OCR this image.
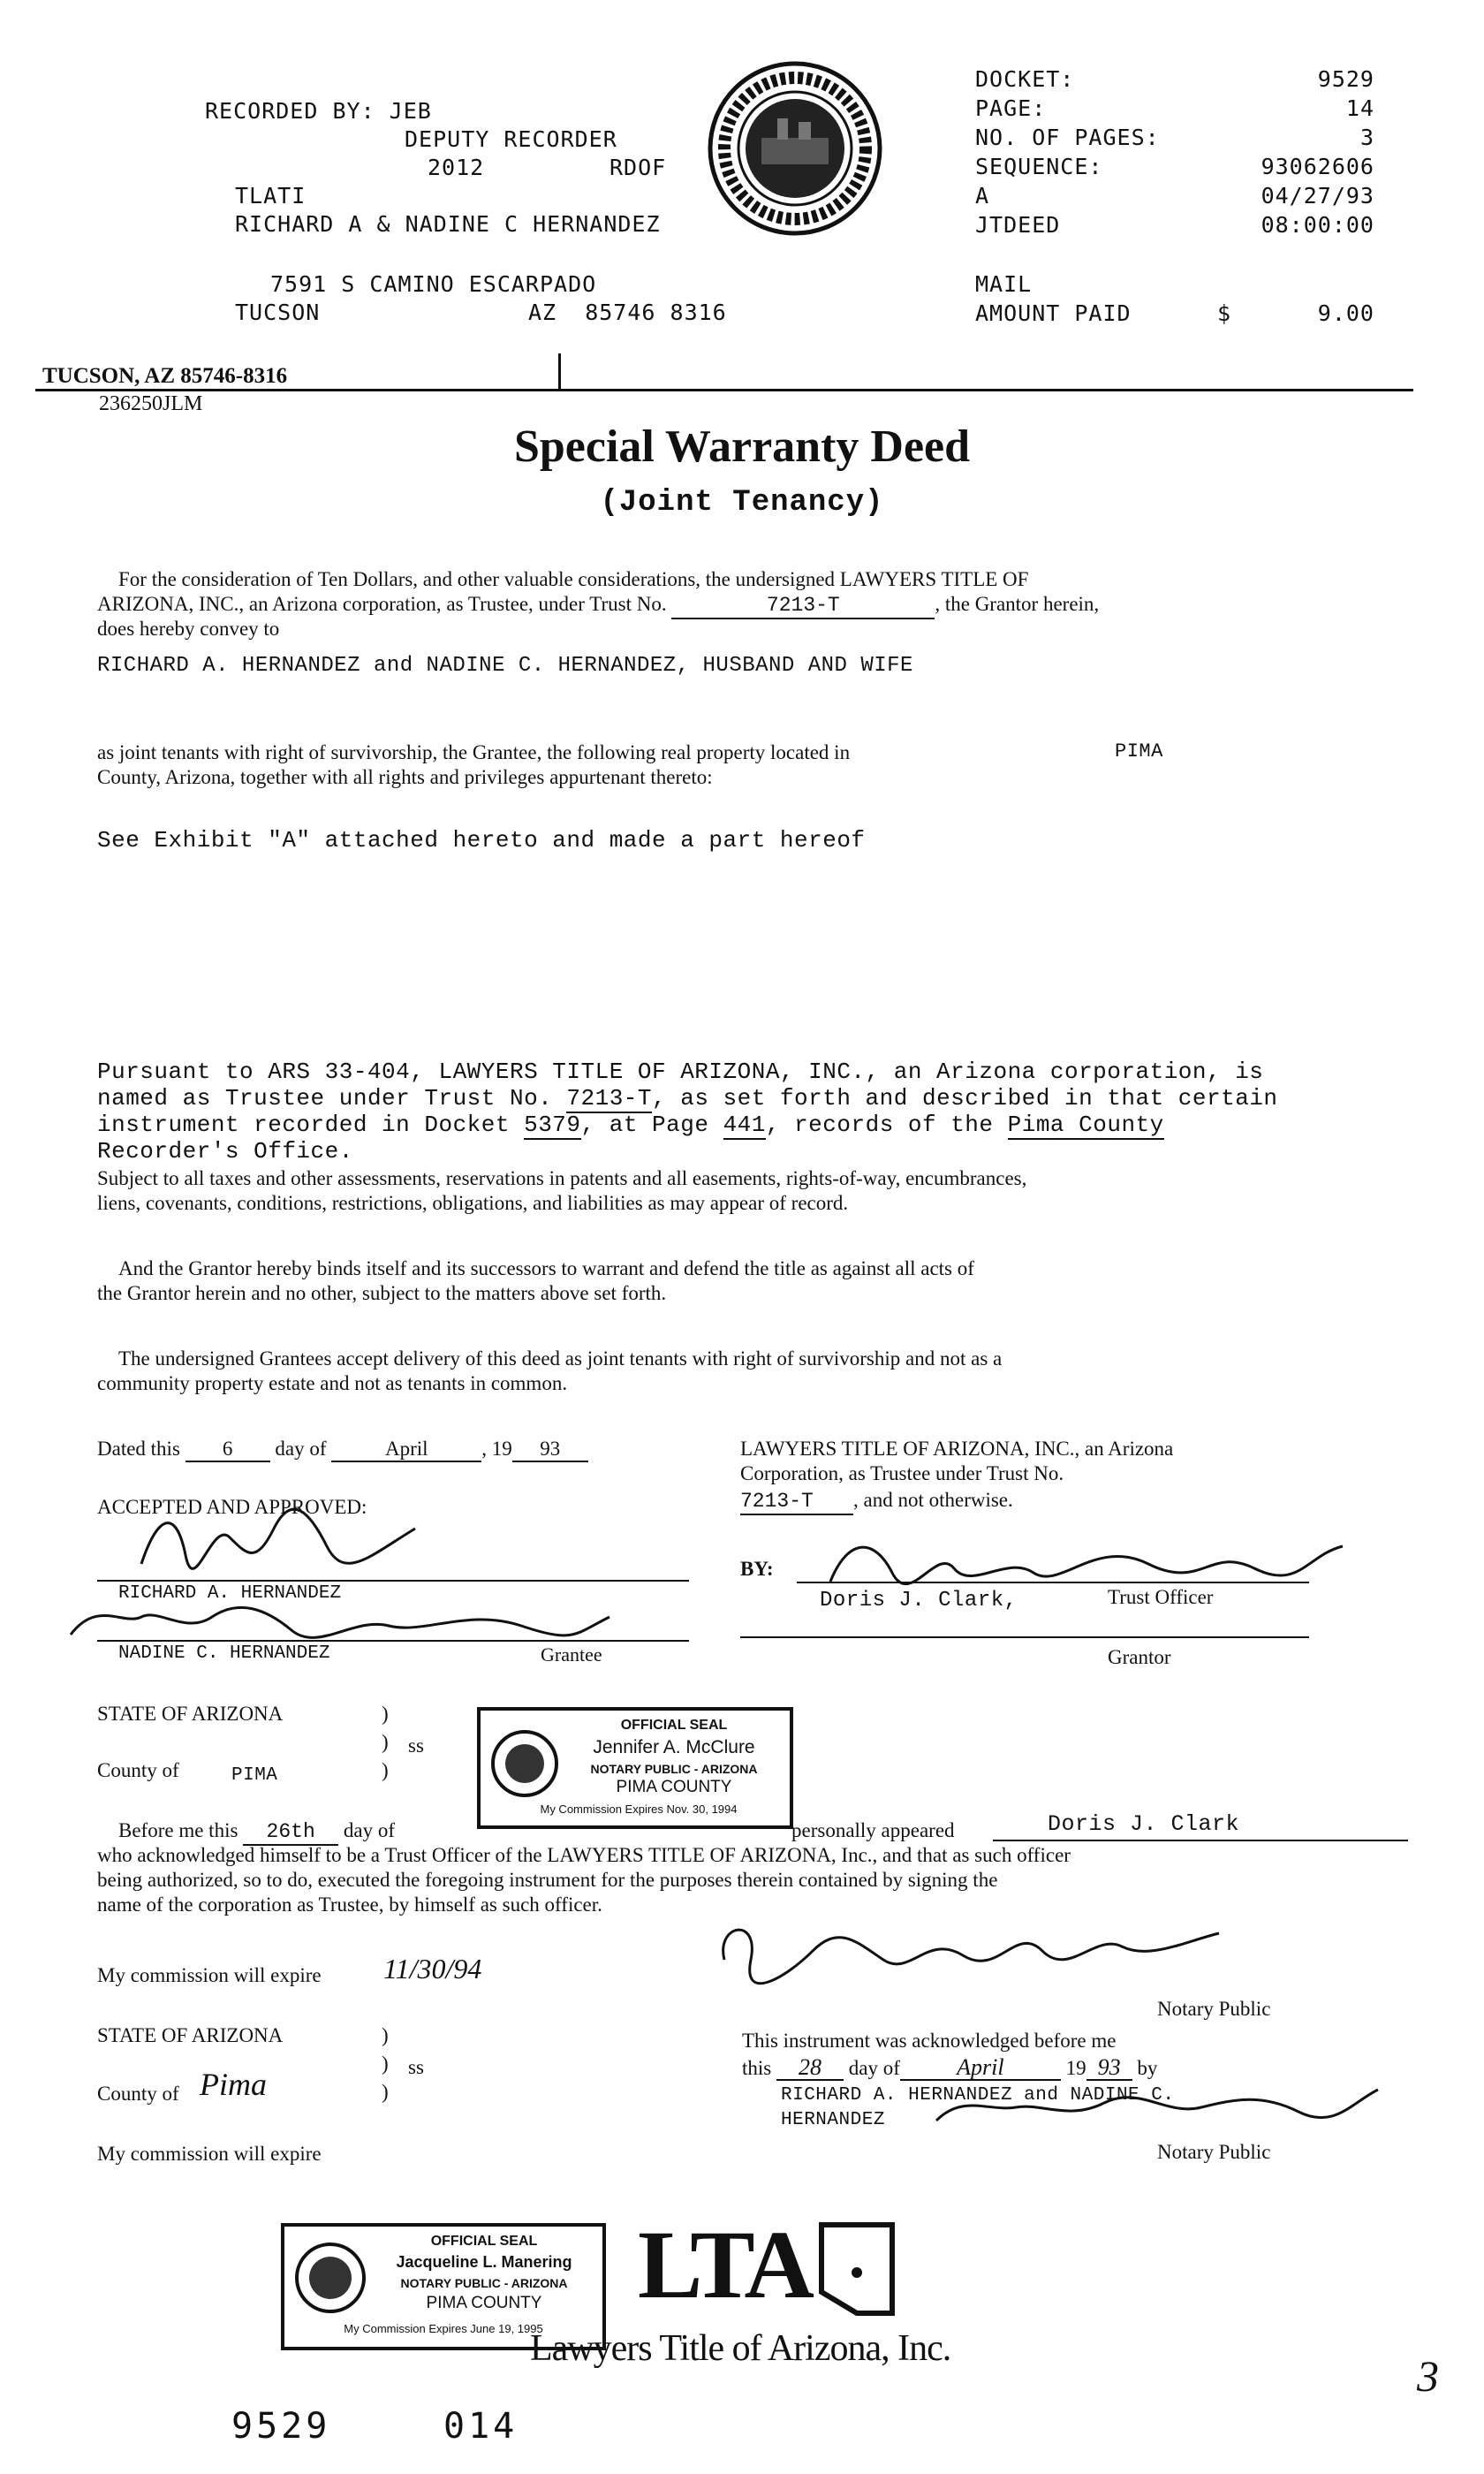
RECORDED BY: JEB
DEPUTY RECORDER
2012	RDOF
TLATI
RICHARD A & NADINE C HERNANDEZ
7591 S CAMINO ESCARPADO
TUCSON	AZ  85746 8316
DOCKET:	9529
PAGE:	14
NO. OF PAGES:	3
SEQUENCE:	93062606
A	04/27/93
JTDEED	08:00:00
MAIL
AMOUNT PAID	$	9.00
TUCSON, AZ 85746-8316
236250JLM
Special Warranty Deed
(Joint Tenancy)
For the consideration of Ten Dollars, and other valuable considerations, the undersigned LAWYERS TITLE OF
ARIZONA, INC., an Arizona corporation, as Trustee, under Trust No.	7213-T	, the Grantor herein,
does hereby convey to
RICHARD A. HERNANDEZ and NADINE C. HERNANDEZ, HUSBAND AND WIFE
as joint tenants with right of survivorship, the Grantee, the following real property located in	PIMA
County, Arizona, together with all rights and privileges appurtenant thereto:
See Exhibit "A" attached hereto and made a part hereof
Pursuant to ARS 33-404, LAWYERS TITLE OF ARIZONA, INC., an Arizona corporation, is
named as Trustee under Trust No. 7213-T, as set forth and described in that certain
instrument recorded in Docket 5379, at Page 441, records of the Pima County
Recorder's Office.
Subject to all taxes and other assessments, reservations in patents and all easements, rights-of-way, encumbrances,
liens, covenants, conditions, restrictions, obligations, and liabilities as may appear of record.
And the Grantor hereby binds itself and its successors to warrant and defend the title as against all acts of
the Grantor herein and no other, subject to the matters above set forth.
The undersigned Grantees accept delivery of this deed as joint tenants with right of survivorship and not as a
community property estate and not as tenants in common.
Dated this 6 day of	April	, 19 93
ACCEPTED AND APPROVED:
RICHARD A. HERNANDEZ
NADINE C. HERNANDEZ	Grantee
LAWYERS TITLE OF ARIZONA, INC., an Arizona
Corporation, as Trustee under Trust No.
7213-T , and not otherwise.
BY:
Doris J. Clark,	Trust Officer
Grantor
STATE OF ARIZONA	)
) ss
)
County of	PIMA
OFFICIAL SEAL
Jennifer A. McClure
NOTARY PUBLIC - ARIZONA
PIMA COUNTY
My Commission Expires Nov. 30, 1994
Before me this 26th day of	personally appeared	Doris J. Clark
who acknowledged himself to be a Trust Officer of the LAWYERS TITLE OF ARIZONA, Inc., and that as such officer
being authorized, so to do, executed the foregoing instrument for the purposes therein contained by signing the
name of the corporation as Trustee, by himself as such officer.
My commission will expire 11/30/94
Notary Public
STATE OF ARIZONA	)
) ss
)
County of Pima
My commission will expire
This instrument was acknowledged before me
this 28 day of April	19 93 by
RICHARD A. HERNANDEZ and NADINE C.
HERNANDEZ
Notary Public
OFFICIAL SEAL
Jacqueline L. Manering
NOTARY PUBLIC - ARIZONA
PIMA COUNTY
My Commission Expires June 19, 1995
LTA
Lawyers Title of Arizona, Inc.
9529	014
3
